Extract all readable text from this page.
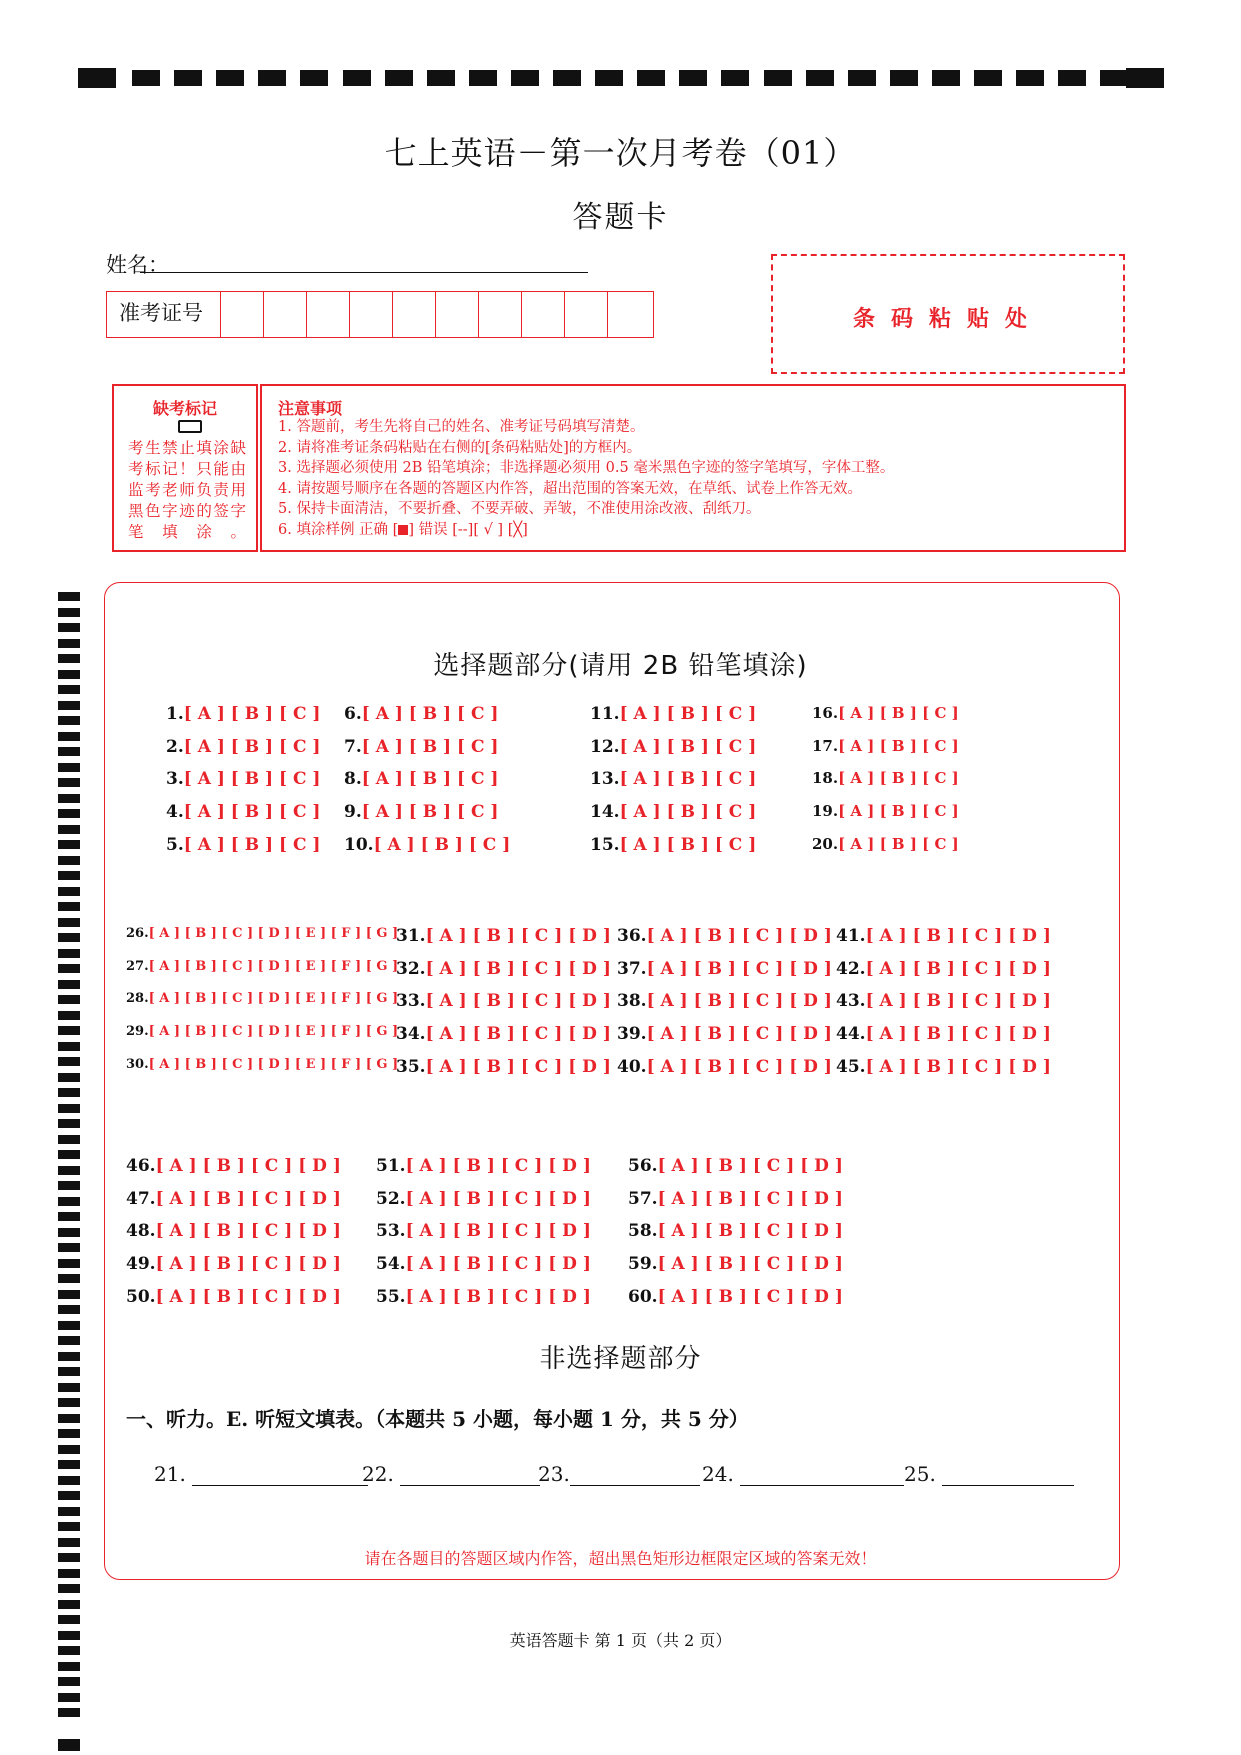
七上英语－第一次月考卷（01）
答题卡
姓名：
准考证号	条码粘贴处
缺考标记
考生禁止填涂缺考标记！只能由监考老师负责用黑色字迹的签字笔填涂。
注意事项
1. 答题前，考生先将自己的姓名、准考证号码填写清楚。
2. 请将准考证条码粘贴在右侧的[条码粘贴处]的方框内。
3. 选择题必须使用 2B 铅笔填涂；非选择题必须用 0.5 毫米黑色字迹的签字笔填写，字体工整。
4. 请按题号顺序在各题的答题区内作答，超出范围的答案无效，在草纸、试卷上作答无效。
5. 保持卡面清洁，不要折叠、不要弄破、弄皱，不准使用涂改液、刮纸刀。
6. 填涂样例 正确 [ ] 错误 [--][ √ ] [╳]
选择题部分(请用 2B 铅笔填涂)
1.[ A ] [ B ] [ C ]
2.[ A ] [ B ] [ C ]
3.[ A ] [ B ] [ C ]
4.[ A ] [ B ] [ C ]
5.[ A ] [ B ] [ C ]
6.[ A ] [ B ] [ C ]
7.[ A ] [ B ] [ C ]
8.[ A ] [ B ] [ C ]
9.[ A ] [ B ] [ C ]
10.[ A ] [ B ] [ C ]
11.[ A ] [ B ] [ C ]
12.[ A ] [ B ] [ C ]
13.[ A ] [ B ] [ C ]
14.[ A ] [ B ] [ C ]
15.[ A ] [ B ] [ C ]
16.[ A ] [ B ] [ C ]
17.[ A ] [ B ] [ C ]
18.[ A ] [ B ] [ C ]
19.[ A ] [ B ] [ C ]
20.[ A ] [ B ] [ C ]
26.[ A ] [ B ] [ C ] [ D ] [ E ] [ F ] [ G ]
27.[ A ] [ B ] [ C ] [ D ] [ E ] [ F ] [ G ]
28.[ A ] [ B ] [ C ] [ D ] [ E ] [ F ] [ G ]
29.[ A ] [ B ] [ C ] [ D ] [ E ] [ F ] [ G ]
30.[ A ] [ B ] [ C ] [ D ] [ E ] [ F ] [ G ]
31.[ A ] [ B ] [ C ] [ D ]
32.[ A ] [ B ] [ C ] [ D ]
33.[ A ] [ B ] [ C ] [ D ]
34.[ A ] [ B ] [ C ] [ D ]
35.[ A ] [ B ] [ C ] [ D ]
36.[ A ] [ B ] [ C ] [ D ]
37.[ A ] [ B ] [ C ] [ D ]
38.[ A ] [ B ] [ C ] [ D ]
39.[ A ] [ B ] [ C ] [ D ]
40.[ A ] [ B ] [ C ] [ D ]
41.[ A ] [ B ] [ C ] [ D ]
42.[ A ] [ B ] [ C ] [ D ]
43.[ A ] [ B ] [ C ] [ D ]
44.[ A ] [ B ] [ C ] [ D ]
45.[ A ] [ B ] [ C ] [ D ]
46.[ A ] [ B ] [ C ] [ D ]
47.[ A ] [ B ] [ C ] [ D ]
48.[ A ] [ B ] [ C ] [ D ]
49.[ A ] [ B ] [ C ] [ D ]
50.[ A ] [ B ] [ C ] [ D ]
51.[ A ] [ B ] [ C ] [ D ]
52.[ A ] [ B ] [ C ] [ D ]
53.[ A ] [ B ] [ C ] [ D ]
54.[ A ] [ B ] [ C ] [ D ]
55.[ A ] [ B ] [ C ] [ D ]
56.[ A ] [ B ] [ C ] [ D ]
57.[ A ] [ B ] [ C ] [ D ]
58.[ A ] [ B ] [ C ] [ D ]
59.[ A ] [ B ] [ C ] [ D ]
60.[ A ] [ B ] [ C ] [ D ]
非选择题部分
一、听力。E. 听短文填表。（本题共 5 小题，每小题 1 分，共 5 分）
21.	22.	23.	24.	25.
请在各题目的答题区域内作答，超出黑色矩形边框限定区域的答案无效！
英语答题卡 第 1 页（共 2 页）
